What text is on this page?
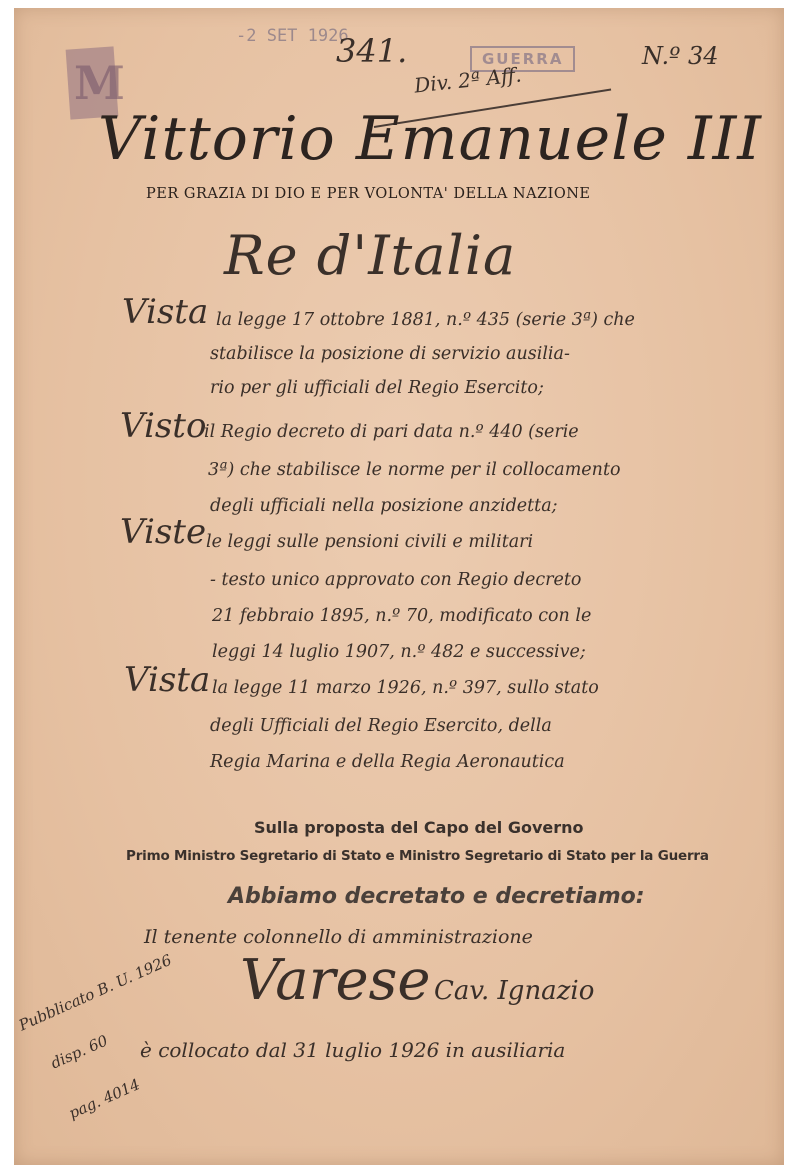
M
-2 SET 1926
341.	GUERRA
Div. 2ª Aff.
N.º 34
Vittorio Emanuele III
PER GRAZIA DI DIO E PER VOLONTA' DELLA NAZIONE
Re d'Italia
Vista la legge 17 ottobre 1881, n.º 435 (serie 3ª) che
stabilisce la posizione di servizio ausilia-
rio per gli ufficiali del Regio Esercito;
Visto
il Regio decreto di pari data n.º 440 (serie
3ª) che stabilisce le norme per il collocamento
degli ufficiali nella posizione anzidetta;
Viste le leggi sulle pensioni civili e militari
- testo unico approvato con Regio decreto
21 febbraio 1895, n.º 70, modificato con le
leggi 14 luglio 1907, n.º 482 e successive;
Vista la legge 11 marzo 1926, n.º 397, sullo stato
degli Ufficiali del Regio Esercito, della
Regia Marina e della Regia Aeronautica
Sulla proposta del Capo del Governo
Primo Ministro Segretario di Stato e Ministro Segretario di Stato per la Guerra
Abbiamo decretato e decretiamo:
Il tenente colonnello di amministrazione
Varese Cav. Ignazio
è collocato dal 31 luglio 1926 in ausiliaria
Pubblicato B. U. 1926
disp. 60
pag. 4014
